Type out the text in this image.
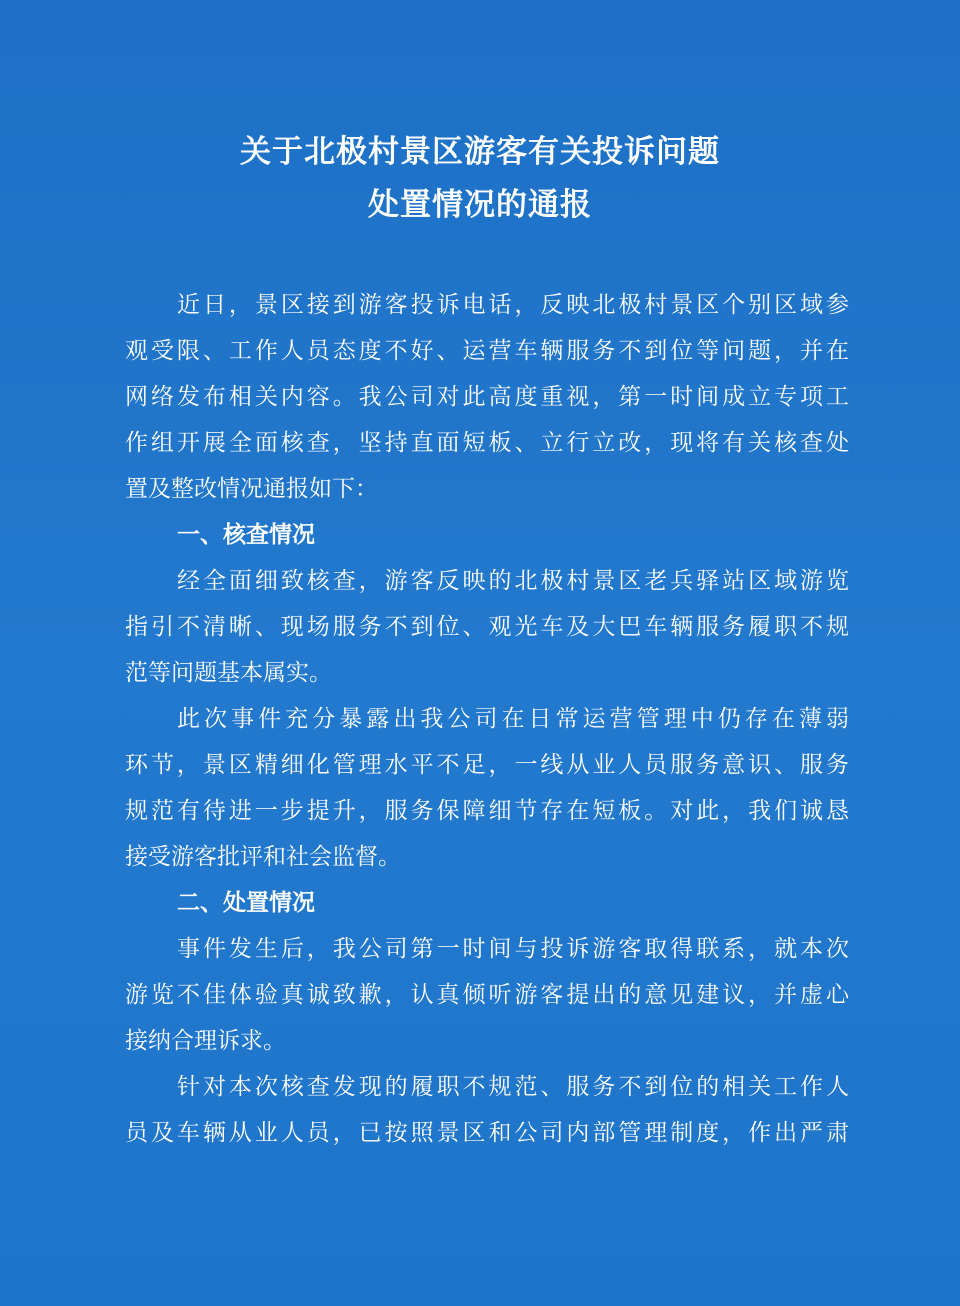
关于北极村景区游客有关投诉问题
处置情况的通报
近日，景区接到游客投诉电话，反映北极村景区个别区域参
观受限、工作人员态度不好、运营车辆服务不到位等问题，并在
网络发布相关内容。我公司对此高度重视，第一时间成立专项工
作组开展全面核查，坚持直面短板、立行立改，现将有关核查处
置及整改情况通报如下：
一、核查情况
经全面细致核查，游客反映的北极村景区老兵驿站区域游览
指引不清晰、现场服务不到位、观光车及大巴车辆服务履职不规
范等问题基本属实。
此次事件充分暴露出我公司在日常运营管理中仍存在薄弱
环节，景区精细化管理水平不足，一线从业人员服务意识、服务
规范有待进一步提升，服务保障细节存在短板。对此，我们诚恳
接受游客批评和社会监督。
二、处置情况
事件发生后，我公司第一时间与投诉游客取得联系，就本次
游览不佳体验真诚致歉，认真倾听游客提出的意见建议，并虚心
接纳合理诉求。
针对本次核查发现的履职不规范、服务不到位的相关工作人
员及车辆从业人员，已按照景区和公司内部管理制度，作出严肃
